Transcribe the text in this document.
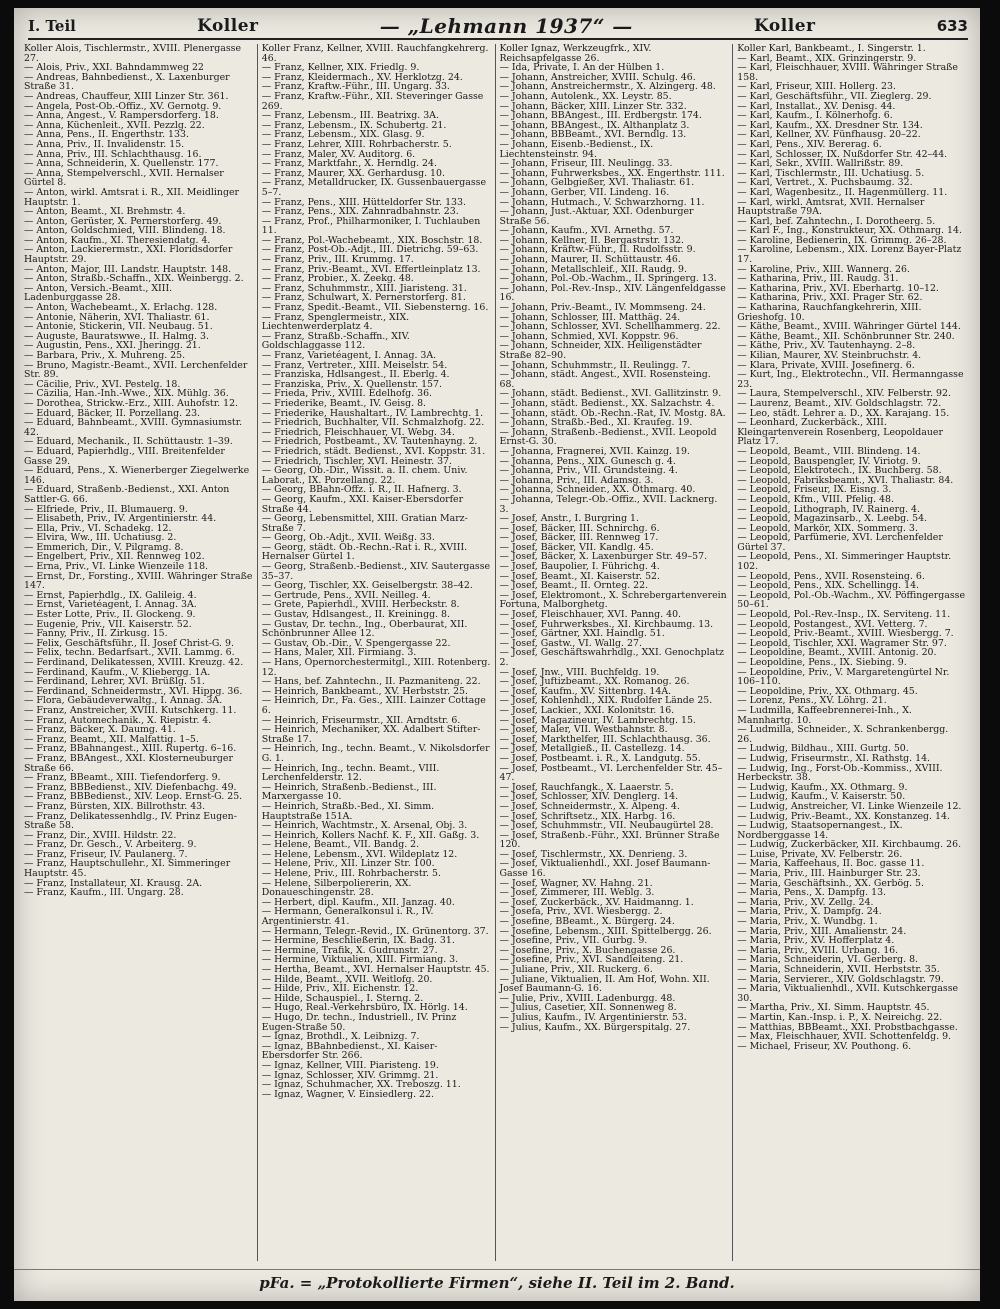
I. Teil	Koller	— „Lehmann 1937“ —	Koller	633
Koller Alois, Tischlermstr., XVIII. Plenergasse 27.
— Alois, Priv., XXI. Bahndammweg 22
— Andreas, Bahnbedienst., X. Laxenburger Straße 31.
— Andreas, Chauffeur, XIII Linzer Str. 361.
— Angela, Post-Ob.-Offiz., XV. Gernotg. 9.
— Anna, Angest., V. Rampersdorferg. 18.
— Anna, Küchenleit., XVII. Pezzlg. 22.
— Anna, Pens., II. Engerthstr. 133.
— Anna, Priv., II. Invalidenstr. 15.
— Anna, Priv., III. Schlachthausg. 16.
— Anna, Schneiderin, X. Quellenstr. 177.
— Anna, Stempelverschl., XVII. Hernalser Gürtel 8.
— Anton, wirkl. Amtsrat i. R., XII. Meidlinger Hauptstr. 1.
— Anton, Beamt., XI. Brehmstr. 4.
— Anton, Gerüster, X. Pernerstorferg. 49.
— Anton, Goldschmied, VIII. Blindeng. 18.
— Anton, Kaufm., XI. Theresiendatg. 4.
— Anton, Lackierermstr., XXI. Floridsdorfer Hauptstr. 29.
— Anton, Major, III. Landstr. Hauptstr. 148.
— Anton, Straßb.-Schaffn., XIX. Weinbergg. 2.
— Anton, Versich.-Beamt., XIII. Ladenburggasse 28.
— Anton, Wachebeamt., X. Erlachg. 128.
— Antonie, Näherin, XVI. Thaliastr. 61.
— Antonie, Stickerin, VII. Neubaug. 51.
— Auguste, Bauratswwe., II. Halmg. 3.
— Augustin, Pens., XXI. Jheringg. 21.
— Barbara, Priv., X. Muhreng. 25.
— Bruno, Magistr.-Beamt., XVII. Lerchenfelder Str. 89.
— Cäcilie, Priv., XVI. Pestelg. 18.
— Cäzilia, Han.-Inh.-Wwe., XIX. Mühlg. 36.
— Dorothea, Strickw.-Erz., XIII. Auhofstr. 12.
— Eduard, Bäcker, II. Porzellang. 23.
— Eduard, Bahnbeamt., XVIII. Gymnasiumstr. 42.
— Eduard, Mechanik., II. Schüttaustr. 1–39.
— Eduard, Papierhdlg., VIII. Breitenfelder Gasse 29.
— Eduard, Pens., X. Wienerberger Ziegelwerke 146.
— Eduard, Straßenb.-Bedienst., XXI. Anton Sattler-G. 66.
— Elfriede, Priv., II. Blumauerg. 9.
— Elisabeth, Priv., IV. Argentinierstr. 44.
— Ella, Priv., VI. Schadekg. 12.
— Elvira, Ww., III. Uchatiusg. 2.
— Emmerich, Dir., V. Pilgramg. 8.
— Engelbert, Priv., XII. Rennweg 102.
— Erna, Priv., VI. Linke Wienzeile 118.
— Ernst, Dr., Forsting., XVIII. Währinger Straße 147.
— Ernst, Papierhdlg., IX. Galileig. 4.
— Ernst, Varietéagent, I. Annag. 3A.
— Ester Lotte, Priv., II. Glockeng. 9.
— Eugenie, Priv., VII. Kaiserstr. 52.
— Fanny, Priv., II. Zirkusg. 15.
— Felix, Geschäftsführ., II. Josef Christ-G. 9.
— Felix, techn. Bedarfsart., XVII. Lammg. 6.
— Ferdinand, Delikatessen, XVIII. Kreuzg. 42.
— Ferdinand, Kaufm., V. Kliebergg. 1A.
— Ferdinand, Lehrer, XVI. Brüßlg. 51.
— Ferdinand, Schneidermstr., XVI. Hippg. 36.
— Flora, Gebäudeverwaltg., I. Annag. 3A.
— Franz, Anstreicher, XVIII. Kutschkerg. 11.
— Franz, Automechanik., X. Riepistr. 4.
— Franz, Bäcker, X. Daumg. 41.
— Franz, Beamt., XII. Malfattig. 1–5.
— Franz, BBahnangest., XIII. Rupertg. 6–16.
— Franz, BBAngest., XXI. Klosterneuburger Straße 66.
— Franz, BBeamt., XIII. Tiefendorferg. 9.
— Franz, BBBedienst., XIV. Diefenbachg. 49.
— Franz, BBBedienst., XIV. Leop. Ernst-G. 25.
— Franz, Bürsten, XIX. Billrothstr. 43.
— Franz, Delikatessenhdlg., IV. Prinz Eugen-Straße 58.
— Franz, Dir., XVIII. Hildstr. 22.
— Franz, Dr. Gesch., V. Arbeiterg. 9.
— Franz, Friseur, IV. Paulanerg. 7.
— Franz, Hauptschullehr., XI. Simmeringer Hauptstr. 45.
— Franz, Installateur, XI. Krausg. 2A.
— Franz, Kaufm., III. Ungarg. 28.
Koller Franz, Kellner, XVIII. Rauchfangkehrerg. 46.
— Franz, Kellner, XIX. Friedlg. 9.
— Franz, Kleidermach., XV. Herklotzg. 24.
— Franz, Kraftw.-Führ., III. Ungarg. 33.
— Franz, Kraftw.-Führ., XII. Steveringer Gasse 269.
— Franz, Lebensm., III. Beatrixg. 3A.
— Franz, Lebensm., IX. Schubertg. 21.
— Franz, Lebensm., XIX. Glasg. 9.
— Franz, Lehrer, XIII. Rohrbacherstr. 5.
— Franz, Maler, XV. Auditorg. 6.
— Franz, Marktfahr., X. Herndlg. 24.
— Franz, Maurer, XX. Gerhardusg. 10.
— Franz, Metalldrucker, IX. Gussenbauergasse 5–7.
— Franz, Pens., XIII. Hütteldorfer Str. 133.
— Franz, Pens., XIX. Zahnradbahnstr. 23.
— Franz, Prof., Philharmoniker, I. Tuchlauben 11.
— Franz, Pol.-Wachebeamt., XIX. Boschstr. 18.
— Franz, Post-Ob.-Adjt., III. Dietrichg. 59–63.
— Franz, Priv., III. Krummg. 17.
— Franz, Priv.-Beamt., XVI. Effertleinplatz 13.
— Franz, Probier., X. Zeekg. 48.
— Franz, Schuhmmstr., XIII. Jiaristeng. 31.
— Franz, Schulwart, X. Pernerstorferg. 81.
— Franz, Spedit.-Beamt., VII. Siebensterng. 16.
— Franz, Spenglermeistr., XIX. Liechtenwerderplatz 4.
— Franz, Straßb.-Schaffn., XIV. Goldschlaggasse 112.
— Franz, Varietéagent, I. Annag. 3A.
— Franz, Vertreter., XIII. Meiselstr. 54.
— Franziska, Hdlsangest., II. Eberlg. 4.
— Franziska, Priv., X. Quellenstr. 157.
— Frieda, Priv., XVIII. Edelhofg. 36.
— Friederike, Beamt., IV. Geisg. 8.
— Friederike, Haushaltart., IV. Lambrechtg. 1.
— Friedrich, Buchhalter, VII. Schmalzhofg. 22.
— Friedrich, Fleischhauer, VI. Webg. 34.
— Friedrich, Postbeamt., XV. Tautenhayng. 2.
— Friedrich, städt. Bedienst., XVI. Koppstr. 31.
— Friedrich, Tischler, XVI. Heinestr. 37.
— Georg, Ob.-Dir., Wissit. a. II. chem. Univ. Laborat., IX. Porzellang. 22.
— Georg, BBahn-Offz. i. R., II. Hafnerg. 3.
— Georg, Kaufm., XXI. Kaiser-Ebersdorfer Straße 44.
— Georg, Lebensmittel, XIII. Gratian Marz-Straße 7.
— Georg, Ob.-Adjt., XVII. Weißg. 33.
— Georg, städt. Ob.-Rechn.-Rat i. R., XVIII. Hernalser Gürtel 1.
— Georg, Straßenb.-Bedienst., XIV. Sautergasse 35–37.
— Georg, Tischler, XX. Geiselbergstr. 38–42.
— Gertrude, Pens., XVII. Neilleg. 4.
— Grete, Papierhdl., XVIII. Herbeckstr. 8.
— Gustav, Hdlsangest., II. Kreiningg. 8.
— Gustav, Dr. techn., Ing., Oberbaurat, XII. Schönbrunner Allee 12.
— Gustav, Ob.-Dir., V. Spengergasse 22.
— Hans, Maler, XII. Firmiang. 3.
— Hans, Opernorchestermitgl., XIII. Rotenberg. 12.
— Hans, bef. Zahntechn., II. Pazmaniteng. 22.
— Heinrich, Bankbeamt., XV. Herbststr. 25.
— Heinrich, Dr., Fa. Ges., XIII. Lainzer Cottage 6.
— Heinrich, Friseurmstr., XII. Arndtstr. 6.
— Heinrich, Mechaniker, XX. Adalbert Stifter-Straße 17.
— Heinrich, Ing., techn. Beamt., V. Nikolsdorfer G. 1.
— Heinrich, Ing., techn. Beamt., VIII. Lerchenfelderstr. 12.
— Heinrich, Straßenb.-Bedienst., III. Marxergasse 10.
— Heinrich, Straßb.-Bed., XI. Simm. Hauptstraße 151A.
— Heinrich, Wachtmstr., X. Arsenal, Obj. 3.
— Heinrich, Kollers Nachf. K. F., XII. Gaßg. 3.
— Helene, Beamt., VII. Bandg. 2.
— Helene, Lebensm., XVI. Wildeplatz 12.
— Helene, Priv., XII. Linzer Str. 100.
— Helene, Priv., III. Rohrbacherstr. 5.
— Helene, Silberpoliererin, XX. Donaueschingenstr. 28.
— Herbert, dipl. Kaufm., XII. Janzag. 40.
— Hermann, Generalkonsul i. R., IV. Argentinierstr. 41.
— Hermann, Telegr.-Revid., IX. Grünentorg. 37.
— Hermine, Beschließerin, IX. Badg. 31.
— Hermine, Trafik, X. Gudrunstr. 27.
— Hermine, Viktualien, XIII. Firmiang. 3.
— Hertha, Beamt., XVI. Hernalser Hauptstr. 45.
— Hilde, Beamt., XVII. Weitlofg. 20.
— Hilde, Priv., XII. Eichenstr. 12.
— Hilde, Schauspiel., I. Sterng. 2.
— Hugo, Real.-Verkehrsbüro, IX. Hörlg. 14.
— Hugo, Dr. techn., Industriell., IV. Prinz Eugen-Straße 50.
— Ignaz, Brothdl., X. Leibnizg. 7.
— Ignaz, BBahnbedienst., XI. Kaiser-Ebersdorfer Str. 266.
— Ignaz, Kellner, VIII. Piaristeng. 19.
— Ignaz, Schlosser, XIV. Grimmg. 21.
— Ignaz, Schuhmacher, XX. Treboszg. 11.
— Ignaz, Wagner, V. Einsiedlerg. 22.
Koller Ignaz, Werkzeugfrk., XIV. Reichsapfelgasse 26.
— Ida, Private, I. An der Hülben 1.
— Johann, Anstreicher, XVIII. Schulg. 46.
— Johann, Anstreichermstr., X. Alzingerg. 48.
— Johann, Autolenk., XX. Leystr. 85.
— Johann, Bäcker, XIII. Linzer Str. 332.
— Johann, BBAngest., III. Erdbergstr. 174.
— Johann, BBAngest., IX. Althanplatz 3.
— Johann, BBBeamt., XVI. Berndlg. 13.
— Johann, Eisenb.-Bedienst., IX. Liechtensteinstr. 94.
— Johann, Friseur, III. Neulingg. 33.
— Johann, Fuhrwerksbes., XX. Engerthstr. 111.
— Johann, Gelbgießer, XVI. Thaliastr. 61.
— Johann, Gerber, VII. Lindeng. 16.
— Johann, Hutmach., V. Schwarzhorng. 11.
— Johann, Just.-Aktuar, XXI. Odenburger Straße 56.
— Johann, Kaufm., XVI. Arnethg. 57.
— Johann, Kellner, II. Bergastrstr. 132.
— Johann, Kräftw.-Führ., II. Rudolfsstr. 9.
— Johann, Maurer, II. Schüttaustr. 46.
— Johann, Metallschleif., XII. Raudg. 9.
— Johann, Pol.-Ob.-Wachm., II. Springerg. 13.
— Johann, Pol.-Rev.-Insp., XIV. Längenfeldgasse 16.
— Johann, Priv.-Beamt., IV. Mommseng. 24.
— Johann, Schlosser, III. Matthäg. 24.
— Johann, Schlosser, XVI. Schellhammerg. 22.
— Johann, Schmied, XVI. Koppstr. 96.
— Johann, Schneider, XIX. Heiligenstädter Straße 82–90.
— Johann, Schuhmmstr., II. Reulingg. 7.
— Johann, städt. Angest., XVII. Rosensteing. 68.
— Johann, städt. Bedienst., XVI. Gallitzinstr. 9.
— Johann, städt. Bedienst., XX. Salzachstr. 4.
— Johann, städt. Ob.-Rechn.-Rat, IV. Mostg. 8A.
— Johann, Straßb.-Bed., XI. Kraufeg. 19.
— Johann, Straßenb.-Bedienst., XVII. Leopold Ernst-G. 30.
— Johanna, Fragnerei, XVII. Kainzg. 19.
— Johanna, Pens., XIX. Gunesch g. 4.
— Johanna, Priv., VII. Grundsteing. 4.
— Johanna, Priv., III. Adamsg. 3.
— Johanna, Schneider., XX. Othmarg. 40.
— Johanna, Telegr.-Ob.-Offiz., XVII. Lacknerg. 3.
— Josef, Anstr., I. Burgring 1.
— Josef, Bäcker, III. Schnirchg. 6.
— Josef, Bäcker, III. Rennweg 17.
— Josef, Bäcker, VII. Kandlg. 45.
— Josef, Bäcker, X. Laxenburger Str. 49–57.
— Josef, Baupolier, I. Führichg. 4.
— Josef, Beamt., XI. Kaiserstr. 52.
— Josef, Beamt., II. Ornteg. 22.
— Josef, Elektromont., X. Schrebergartenverein Fortuna, Malborghetg.
— Josef, Fleischhauer, XVI. Panng. 40.
— Josef, Fuhrwerksbes., XI. Kirchbaumg. 13.
— Josef, Gärtner, XXI. Haindlg. 51.
— Josef, Gastw., VI. Wallg. 27.
— Josef, Geschäftswahrhdlg., XXI. Genochplatz 2.
— Josef, Jnw., VIII. Buchfeldg. 19.
— Josef, Juftizbeamt., XX. Romanog. 26.
— Josef, Kaufm., XV. Sittenbrg. 14A.
— Josef, Kohlenhdl., XIX. Rudolfer Lände 25.
— Josef, Lackier., XXI. Kolonitstr. 16.
— Josef, Magazineur, IV. Lambrechtg. 15.
— Josef, Maler, VII. Westbahnstr. 8.
— Josef, Markthelfer, III. Schlachthausg. 36.
— Josef, Metallgieß., II. Castellezg. 14.
— Josef, Postbeamt. i. R., X. Landgutg. 55.
— Josef, Postbeamt., VI. Lerchenfelder Str. 45–47.
— Josef, Rauchfangk., X. Laaerstr. 5.
— Josef, Schlosser, XIV. Denglerg. 14.
— Josef, Schneidermstr., X. Alpeng. 4.
— Josef, Schriftsetz., XIX. Harbg. 16.
— Josef, Schuhmmstr., VII. Neubaugürtel 28.
— Josef, Straßenb.-Führ., XXI. Brünner Straße 120.
— Josef, Tischlermstr., XX. Denrieng. 3.
— Josef, Viktualienhdl., XXI. Josef Baumann-Gasse 16.
— Josef, Wagner, XV. Hahng. 21.
— Josef, Zimmerer, III. Weblg. 3.
— Josef, Zuckerbäck., XV. Haidmanng. 1.
— Josefa, Priv., XVI. Wiesbergg. 2.
— Josefine, BBeamt., X. Bürgerg. 24.
— Josefine, Lebensm., XIII. Spittelbergg. 26.
— Josefine, Priv., VII. Gurbg. 9.
— Josefine, Priv., X. Buchengasse 26.
— Josefine, Priv., XVI. Sandleiteng. 21.
— Juliane, Priv., XII. Ruckerg. 6.
— Juliane, Viktualien, II. Am Hof, Wohn. XII. Josef Baumann-G. 16.
— Julie, Priv., XVIII. Ladenburgg. 48.
— Julius, Casetier, XII. Sonnenweg 8.
— Julius, Kaufm., IV. Argentinierstr. 53.
— Julius, Kaufm., XX. Bürgerspitalg. 27.
Koller Karl, Bankbeamt., I. Singerstr. 1.
— Karl, Beamt., XIX. Grinzingerstr. 9.
— Karl, Fleischhauer, XVIII. Währinger Straße 158.
— Karl, Friseur, XIII. Hollerg. 23.
— Karl, Geschäftsführ., VII. Zieglerg. 29.
— Karl, Installat., XV. Denisg. 44.
— Karl, Kaufm., I. Kölnerhofg. 6.
— Karl, Kaufm., XX. Dresdner Str. 134.
— Karl, Kellner, XV. Fünfhausg. 20–22.
— Karl, Pens., XIV. Bererag. 6.
— Karl, Schlosser, IX. Nußdorfer Str. 42–44.
— Karl, Sekr., XVIII. Wallrißstr. 89.
— Karl, Tischlermstr., III. Uchatiusg. 5.
— Karl, Vertret., X. Puchsbaumg. 32.
— Karl, Wagenbesitz., II. Hagenmüllerg. 11.
— Karl, wirkl. Amtsrat, XVII. Hernalser Hauptstraße 79A.
— Karl, bef. Zahntechn., I. Dorotheerg. 5.
— Karl F., Ing., Konstrukteur, XX. Othmarg. 14.
— Karoline, Bedienerin, IX. Grimmg. 26–28.
— Karoline, Lebensm., XIX. Lorenz Bayer-Platz 17.
— Karoline, Priv., XIII. Wannerg. 26.
— Katharina, Priv., III. Raudg. 31.
— Katharina, Priv., XVI. Eberhartg. 10–12.
— Katharina, Priv., XXI. Prager Str. 62.
— Katharina, Rauchfangkehrerin, XIII. Grieshofg. 10.
— Käthe, Beamt., XVIII. Währinger Gürtel 144.
— Käthe, Beamt., XII. Schönbrunner Str. 240.
— Käthe, Priv., XV. Tautenhayng. 2–8.
— Kilian, Maurer, XV. Steinbruchstr. 4.
— Klara, Private, XVIII. Josefinerg. 6.
— Kurt, Ing., Elektrotechn., VII. Hermanngasse 23.
— Laura, Stempelverschl., XIV. Felberstr. 92.
— Laurenz, Beamt., XIV. Goldschlagstr. 72.
— Leo, städt. Lehrer a. D., XX. Karajang. 15.
— Leonhard, Zuckerbäck., XIII. Kleingartenverein Rosenberg, Leopoldauer Platz 17.
— Leopold, Beamt., VIII. Blindeng. 14.
— Leopold, Bauspengler, IV. Viriotg. 9.
— Leopold, Elektrotech., IX. Buchberg. 58.
— Leopold, Fabriksbeamt., XVI. Thaliastr. 84.
— Leopold, Friseur, IX. Eisng. 3.
— Leopold, Kfm., VIII. Pfelig. 48.
— Leopold, Lithograph, IV. Rainerg. 4.
— Leopold, Magazinsarb., X. Leebg. 54.
— Leopold, Markör, XIX. Sommerg. 3.
— Leopold, Parfümerie, XVI. Lerchenfelder Gürtel 37.
— Leopold, Pens., XI. Simmeringer Hauptstr. 102.
— Leopold, Pens., XVII. Rosensteing. 6.
— Leopold, Pens., XIX. Schellingg. 14.
— Leopold, Pol.-Ob.-Wachm., XV. Pöffingergasse 50–61.
— Leopold, Pol.-Rev.-Insp., IX. Serviteng. 11.
— Leopold, Postangest., XVI. Vetterg. 7.
— Leopold, Priv.-Beamt., XVIII. Wiesbergg. 7.
— Leopold, Tischler, XXI. Wagramer Str. 97.
— Leopoldine, Beamt., XVIII. Antonig. 20.
— Leopoldine, Pens., IX. Siebing. 9.
— Leopoldine, Priv., V. Margaretengürtel Nr. 106–110.
— Leopoldine, Priv., XX. Othmarg. 45.
— Lorenz, Pens., XV. Löhrg. 21.
— Ludmilla, Kaffeebrennerei-Inh., X. Mannhartg. 10.
— Ludmilla, Schneider., X. Schrankenbergg. 26.
— Ludwig, Bildhau., XIII. Gurtg. 50.
— Ludwig, Friseurmstr., XI. Rathstg. 14.
— Ludwig, Ing., Forst-Ob.-Kommiss., XVIII. Herbeckstr. 38.
— Ludwig, Kaufm., XX. Othmarg. 9.
— Ludwig, Kaufm., V. Kaiserstr. 50.
— Ludwig, Anstreicher, VI. Linke Wienzeile 12.
— Ludwig, Priv.-Beamt., XX. Konstanzeg. 14.
— Ludwig, Staatsopernangest., IX. Nordberggasse 14.
— Ludwig, Zuckerbäcker, XII. Kirchbaumg. 26.
— Luise, Private, XV. Felberstr. 26.
— Maria, Kaffeehaus, II. Boc. gasse 11.
— Maria, Priv., III. Hainburger Str. 23.
— Maria, Geschäftsinh., XX. Gerbög. 5.
— Maria, Pens., X. Dampfg. 13.
— Maria, Priv., XV. Zellg. 24.
— Maria, Priv., X. Dampfg. 24.
— Maria, Priv., X. Wundbg. 1.
— Maria, Priv., XIII. Amalienstr. 24.
— Maria, Priv., XV. Hofferplatz 4.
— Maria, Priv., XVIII. Urbang. 16.
— Maria, Schneiderin, VI. Gerberg. 8.
— Maria, Schneiderin, XVII. Herbststr. 35.
— Maria, Servierer., XIV. Goldschlagstr. 79.
— Maria, Viktualienhdl., XVII. Kutschkergasse 30.
— Martha, Priv., XI. Simm. Hauptstr. 45.
— Martin, Kan.-Insp. i. P., X. Neireichg. 22.
— Matthias, BBBeamt., XXI. Probstbachgasse.
— Max, Fleischhauer, XVII. Schottenfeldg. 9.
— Michael, Friseur, XV. Pouthong. 6.
pFa. = „Protokollierte Firmen“, siehe II. Teil im 2. Band.
